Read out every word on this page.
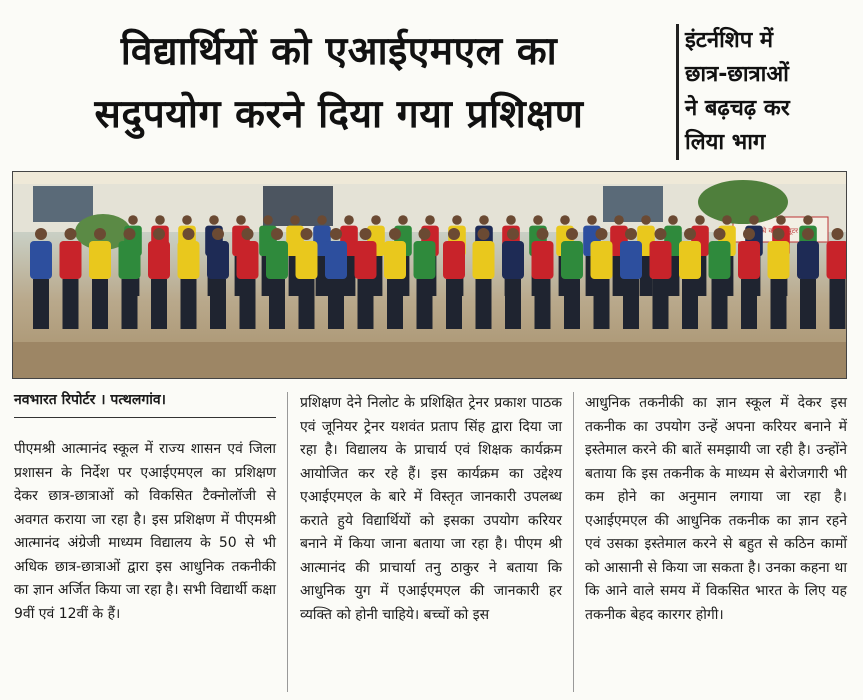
विद्यार्थियों को एआईएमएल का
सदुपयोग करने दिया गया प्रशिक्षण
इंटर्नशिप में
छात्र-छात्राओं
ने बढ़चढ़ कर
लिया भाग
को
नवभारत रिपोर्टर । पत्थलगांव।
पीएमश्री आत्मानंद स्कूल में राज्य शासन एवं जिला प्रशासन के निर्देश पर एआईएमएल का प्रशिक्षण देकर छात्र-छात्राओं को विकसित टैक्नोलॉजी से अवगत कराया जा रहा है। इस प्रशिक्षण में पीएमश्री आत्मानंद अंग्रेजी माध्यम विद्यालय के 50 से भी अधिक छात्र-छात्राओं द्वारा इस आधुनिक तकनीकी का ज्ञान अर्जित किया जा रहा है। सभी विद्यार्थी कक्षा 9वीं एवं 12वीं के हैं।
प्रशिक्षण देने निलोट के प्रशिक्षित ट्रेनर प्रकाश पाठक एवं जूनियर ट्रेनर यशवंत प्रताप सिंह द्वारा दिया जा रहा है। विद्यालय के प्राचार्य एवं शिक्षक कार्यक्रम आयोजित कर रहे हैं। इस कार्यक्रम का उद्देश्य एआईएमएल के बारे में विस्तृत जानकारी उपलब्ध कराते हुये विद्यार्थियों को इसका उपयोग करियर बनाने में किया जाना बताया जा रहा है। पीएम श्री आत्मानंद की प्राचार्या तनु ठाकुर ने बताया कि आधुनिक युग में एआईएमएल की जानकारी हर व्यक्ति को होनी चाहिये। बच्चों को इस
आधुनिक तकनीकी का ज्ञान स्कूल में देकर इस तकनीक का उपयोग उन्हें अपना करियर बनाने में इस्तेमाल करने की बातें समझायी जा रही है। उन्होंने बताया कि इस तकनीक के माध्यम से बेरोजगारी भी कम होने का अनुमान लगाया जा रहा है। एआईएमएल की आधुनिक तकनीक का ज्ञान रहने एवं उसका इस्तेमाल करने से बहुत से कठिन कामों को आसानी से किया जा सकता है। उनका कहना था कि आने वाले समय में विकसित भारत के लिए यह तकनीक बेहद कारगर होगी।
